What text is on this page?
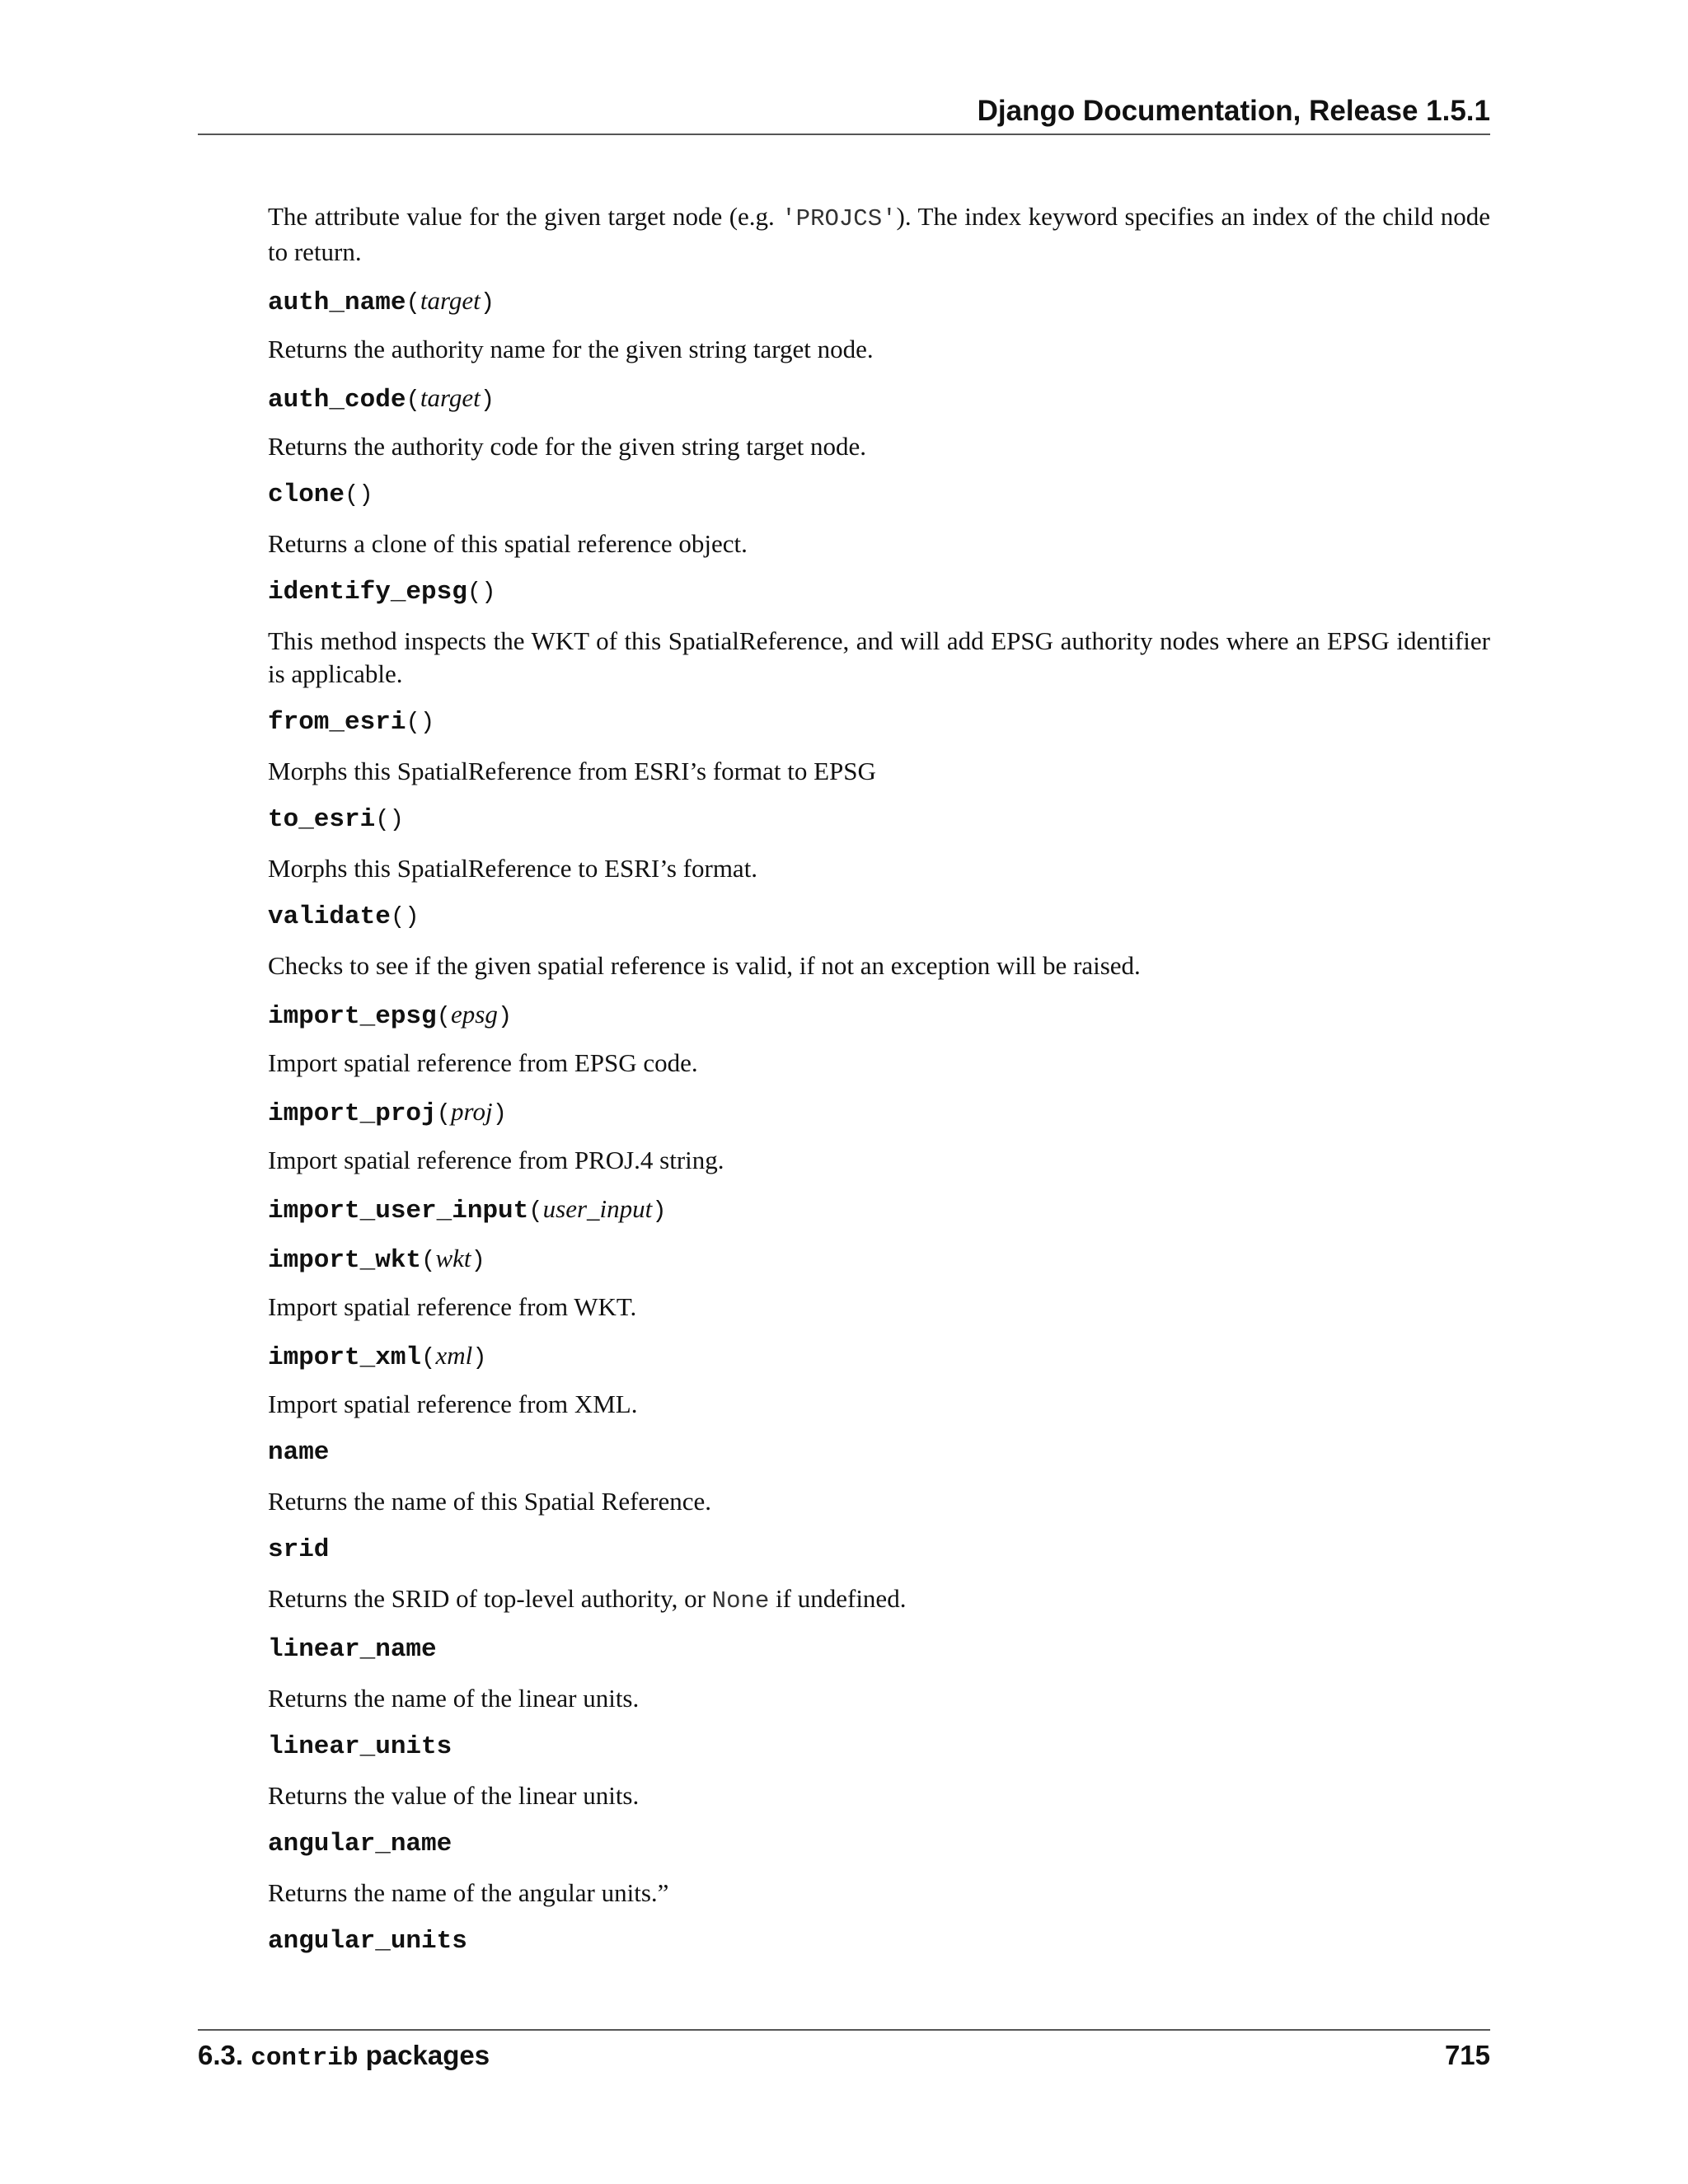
Django Documentation, Release 1.5.1

The attribute value for the given target node (e.g. 'PROJCS'). The index keyword specifies an index of the child node to return.

auth_name(target)

Returns the authority name for the given string target node.

auth_code(target)

Returns the authority code for the given string target node.

clone()

Returns a clone of this spatial reference object.

identify_epsg()

This method inspects the WKT of this SpatialReference, and will add EPSG authority nodes where an EPSG identifier is applicable.

from_esri()

Morphs this SpatialReference from ESRI’s format to EPSG

to_esri()

Morphs this SpatialReference to ESRI’s format.

validate()

Checks to see if the given spatial reference is valid, if not an exception will be raised.

import_epsg(epsg)

Import spatial reference from EPSG code.

import_proj(proj)

Import spatial reference from PROJ.4 string.

import_user_input(user_input)
import_wkt(wkt)

Import spatial reference from WKT.

import_xml(xml)

Import spatial reference from XML.

name

Returns the name of this Spatial Reference.

srid

Returns the SRID of top-level authority, or None if undefined.

linear_name

Returns the name of the linear units.

linear_units

Returns the value of the linear units.

angular_name

Returns the name of the angular units.”

angular_units
6.3. contrib packages	715
